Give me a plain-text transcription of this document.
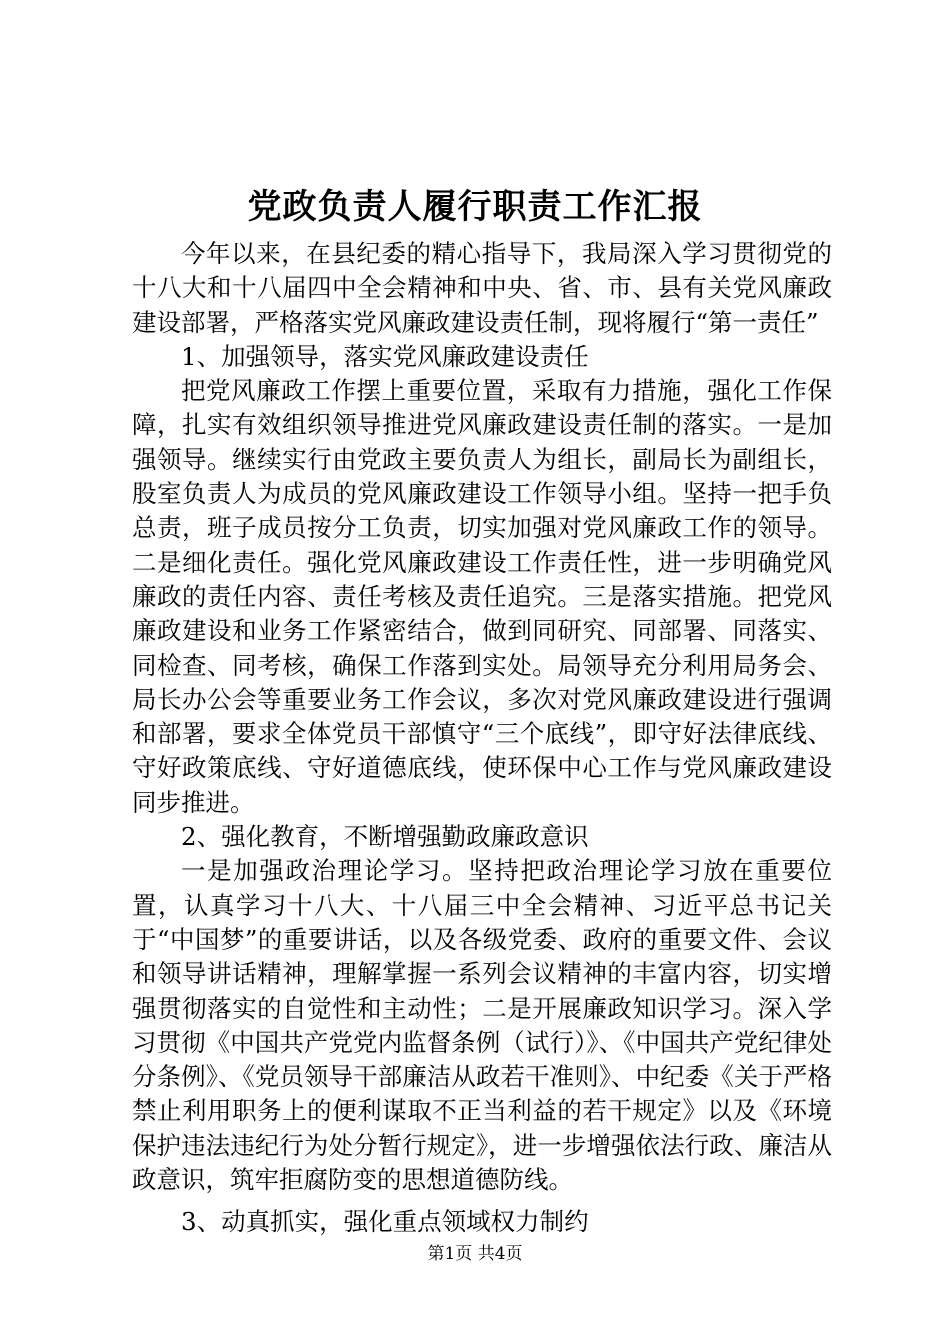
党政负责人履行职责工作汇报

今年以来，在县纪委的精心指导下，我局深入学习贯彻党的十八大和十八届四中全会精神和中央、省、市、县有关党风廉政建设部署，严格落实党风廉政建设责任制，现将履行“第一责任”

1、加强领导，落实党风廉政建设责任

把党风廉政工作摆上重要位置，采取有力措施，强化工作保障，扎实有效组织领导推进党风廉政建设责任制的落实。一是加强领导。继续实行由党政主要负责人为组长，副局长为副组长，股室负责人为成员的党风廉政建设工作领导小组。坚持一把手负总责，班子成员按分工负责，切实加强对党风廉政工作的领导。二是细化责任。强化党风廉政建设工作责任性，进一步明确党风廉政的责任内容、责任考核及责任追究。三是落实措施。把党风廉政建设和业务工作紧密结合，做到同研究、同部署、同落实、同检查、同考核，确保工作落到实处。局领导充分利用局务会、局长办公会等重要业务工作会议，多次对党风廉政建设进行强调和部署，要求全体党员干部慎守“三个底线”，即守好法律底线、守好政策底线、守好道德底线，使环保中心工作与党风廉政建设同步推进。

2、强化教育，不断增强勤政廉政意识

一是加强政治理论学习。坚持把政治理论学习放在重要位置，认真学习十八大、十八届三中全会精神、习近平总书记关于“中国梦”的重要讲话，以及各级党委、政府的重要文件、会议和领导讲话精神，理解掌握一系列会议精神的丰富内容，切实增强贯彻落实的自觉性和主动性；二是开展廉政知识学习。深入学习贯彻《中国共产党党内监督条例（试行）》、《中国共产党纪律处分条例》、《党员领导干部廉洁从政若干准则》、中纪委《关于严格禁止利用职务上的便利谋取不正当利益的若干规定》以及《环境保护违法违纪行为处分暂行规定》，进一步增强依法行政、廉洁从政意识，筑牢拒腐防变的思想道德防线。

3、动真抓实，强化重点领域权力制约

第1页 共4页
